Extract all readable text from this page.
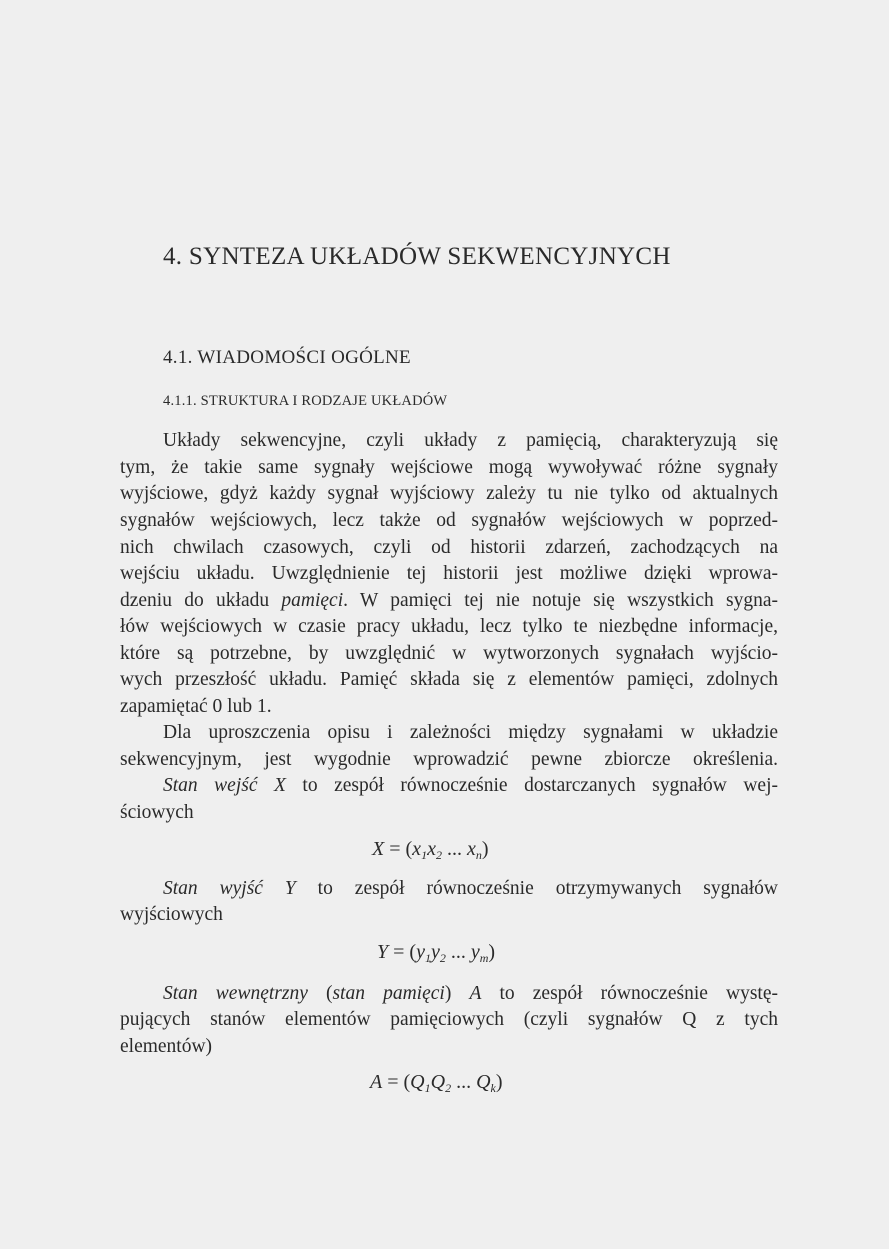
4. SYNTEZA UKŁADÓW SEKWENCYJNYCH
4.1. WIADOMOŚCI OGÓLNE
4.1.1. STRUKTURA I RODZAJE UKŁADÓW

Układy sekwencyjne, czyli układy z pamięcią, charakteryzują się

tym, że takie same sygnały wejściowe mogą wywoływać różne sygnały

wyjściowe, gdyż każdy sygnał wyjściowy zależy tu nie tylko od aktualnych

sygnałów wejściowych, lecz także od sygnałów wejściowych w poprzed-

nich chwilach czasowych, czyli od historii zdarzeń, zachodzących na

wejściu układu. Uwzględnienie tej historii jest możliwe dzięki wprowa-

dzeniu do układu pamięci. W pamięci tej nie notuje się wszystkich sygna-

łów wejściowych w czasie pracy układu, lecz tylko te niezbędne informacje,

które są potrzebne, by uwzględnić w wytworzonych sygnałach wyjścio-

wych przeszłość układu. Pamięć składa się z elementów pamięci, zdolnych

zapamiętać 0 lub 1.

Dla uproszczenia opisu i zależności między sygnałami w układzie

sekwencyjnym, jest wygodnie wprowadzić pewne zbiorcze określenia.

Stan wejść X to zespół równocześnie dostarczanych sygnałów wej-

ściowych

$X = (x_1x_2$ ... $x_n$)

Stan wyjść Y to zespół równocześnie otrzymywanych sygnałów

wyjściowych

$Y = (y_1y_2$ ... $y_m$)

Stan wewnętrzny (stan pamięci) A to zespół równocześnie wystę-

pujących stanów elementów pamięciowych (czyli sygnałów Q z tych

elementów)

$A = (Q_1Q_2$ ... $Q_k$)
